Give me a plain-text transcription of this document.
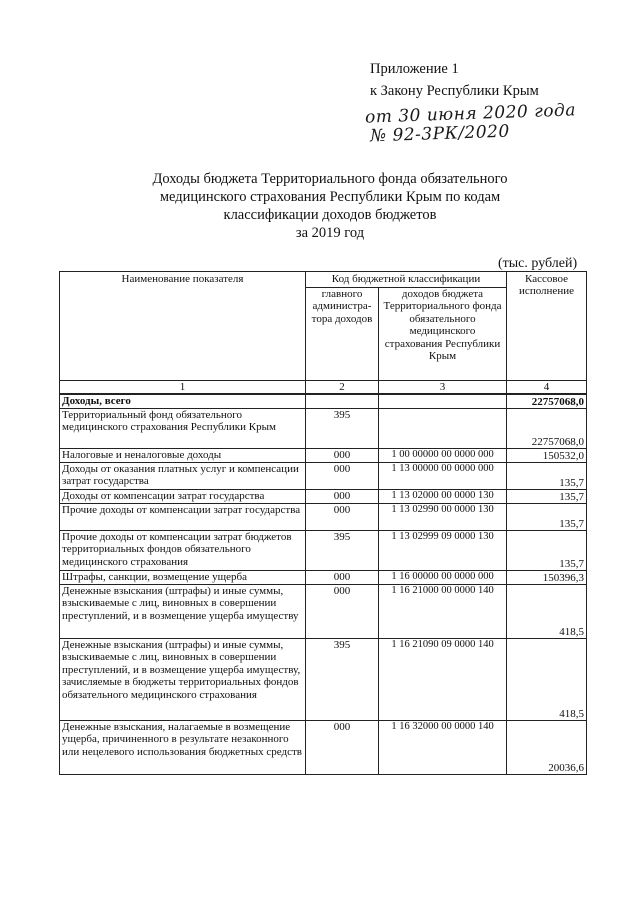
Приложение 1
к Закону Республики Крым
от 30 июня 2020 года
№ 92-3РК/2020
Доходы бюджета Территориального фонда обязательного
медицинского страхования Республики Крым по кодам
классификации доходов бюджетов
за 2019 год
(тыс. рублей)
Наименование показателя	Код бюджетной классификации		Кассовое исполнение
	главного администра-тора доходов	доходов бюджета Территориального фонда обязательного медицинского страхования Республики Крым	
1	2	3	4
Доходы, всего			22757068,0
Территориальный фонд обязательного медицинского страхования Республики Крым	395		22757068,0
Налоговые и неналоговые доходы	000	1 00 00000 00 0000 000	150532,0
Доходы от оказания платных услуг и компенсации затрат государства	000	1 13 00000 00 0000 000	135,7
Доходы от компенсации затрат государства	000	1 13 02000 00 0000 130	135,7
Прочие доходы от компенсации затрат государства	000	1 13 02990 00 0000 130	135,7
Прочие доходы от компенсации затрат бюджетов территориальных фондов обязательного медицинского страхования	395	1 13 02999 09 0000 130	135,7
Штрафы, санкции, возмещение ущерба	000	1 16 00000 00 0000 000	150396,3
Денежные взыскания (штрафы) и иные суммы, взыскиваемые с лиц, виновных в совершении преступлений, и в возмещение ущерба имуществу	000	1 16 21000 00 0000 140	418,5
Денежные взыскания (штрафы) и иные суммы, взыскиваемые с лиц, виновных в совершении преступлений, и в возмещение ущерба имуществу, зачисляемые в бюджеты территориальных фондов обязательного медицинского страхования	395	1 16 21090 09 0000 140	418,5
Денежные взыскания, налагаемые в возмещение ущерба, причиненного в результате незаконного или нецелевого использования бюджетных средств	000	1 16 32000 00 0000 140	20036,6
